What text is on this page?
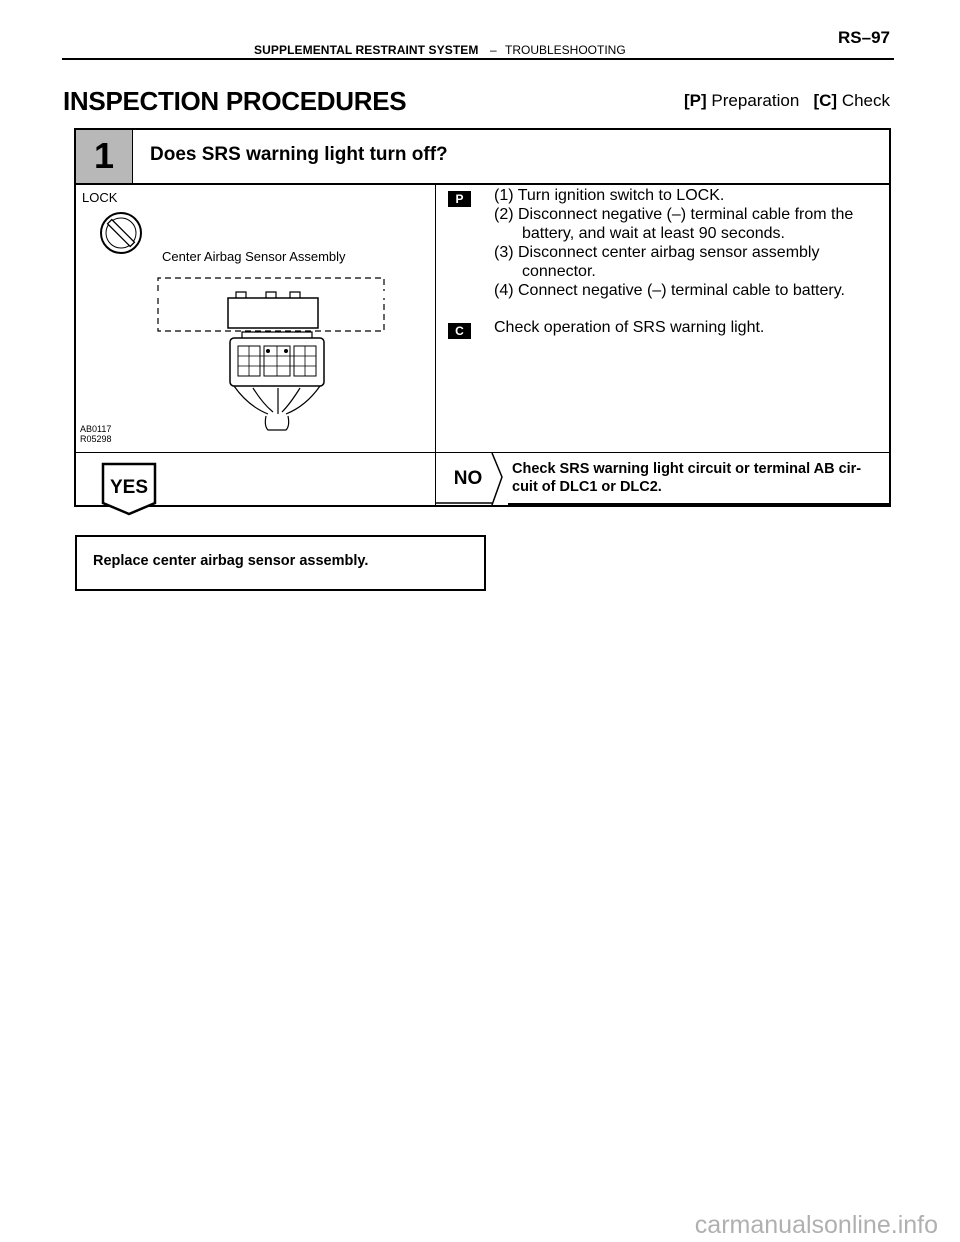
RS–97
SUPPLEMENTAL RESTRAINT SYSTEM – TROUBLESHOOTING
INSPECTION PROCEDURES	[P] Preparation [C] Check
1	Does SRS warning light turn off?
LOCK
Center Airbag Sensor Assembly
AB0117
R05298
P	(1) Turn ignition switch to LOCK.
(2) Disconnect negative (–) terminal cable from the
battery, and wait at least 90 seconds.
(3) Disconnect center airbag sensor assembly
connector.
(4) Connect negative (–) terminal cable to battery.
C	Check operation of SRS warning light.
YES	NO Check SRS warning light circuit or terminal AB cir-
cuit of DLC1 or DLC2.
Replace center airbag sensor assembly.
carmanualsonline.info
